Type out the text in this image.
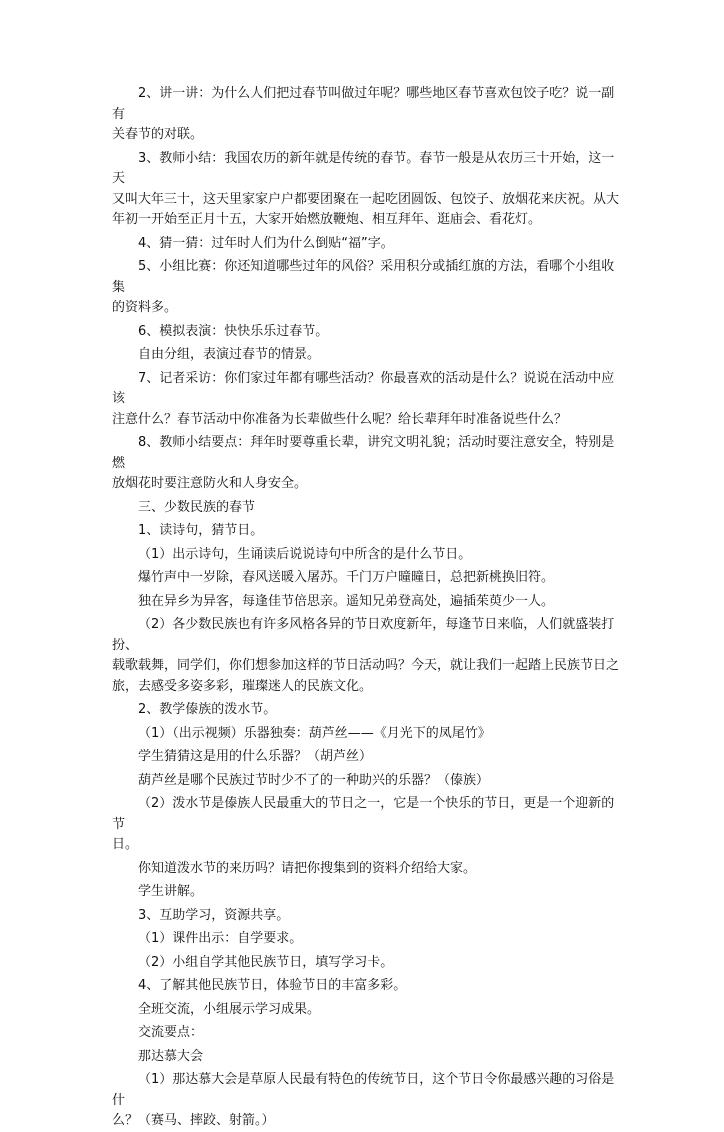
2、讲一讲：为什么人们把过春节叫做过年呢？哪些地区春节喜欢包饺子吃？说一副有
关春节的对联。
3、教师小结：我国农历的新年就是传统的春节。春节一般是从农历三十开始，这一天
又叫大年三十，这天里家家户户都要团聚在一起吃团圆饭、包饺子、放烟花来庆祝。从大
年初一开始至正月十五，大家开始燃放鞭炮、相互拜年、逛庙会、看花灯。
4、猜一猜：过年时人们为什么倒贴“福”字。
5、小组比赛：你还知道哪些过年的风俗？采用积分或插红旗的方法，看哪个小组收集
的资料多。
6、模拟表演：快快乐乐过春节。
自由分组，表演过春节的情景。
7、记者采访：你们家过年都有哪些活动？你最喜欢的活动是什么？说说在活动中应该
注意什么？春节活动中你准备为长辈做些什么呢？给长辈拜年时准备说些什么？
8、教师小结要点：拜年时要尊重长辈，讲究文明礼貌；活动时要注意安全，特别是燃
放烟花时要注意防火和人身安全。
三、少数民族的春节
1、读诗句，猜节日。
（1）出示诗句，生诵读后说说诗句中所含的是什么节日。
爆竹声中一岁除，春风送暖入屠苏。千门万户曈曈日，总把新桃换旧符。
独在异乡为异客，每逢佳节倍思亲。遥知兄弟登高处，遍插茱萸少一人。
（2）各少数民族也有许多风格各异的节日欢度新年，每逢节日来临，人们就盛装打扮、
载歌载舞，同学们，你们想参加这样的节日活动吗？今天，就让我们一起踏上民族节日之
旅，去感受多姿多彩，璀璨迷人的民族文化。
2、教学傣族的泼水节。
（1）（出示视频）乐器独奏：葫芦丝——《月光下的凤尾竹》
学生猜猜这是用的什么乐器？（胡芦丝）
葫芦丝是哪个民族过节时少不了的一种助兴的乐器？（傣族）
（2）泼水节是傣族人民最重大的节日之一，它是一个快乐的节日，更是一个迎新的节
日。
你知道泼水节的来历吗？请把你搜集到的资料介绍给大家。
学生讲解。
3、互助学习，资源共享。
（1）课件出示：自学要求。
（2）小组自学其他民族节日，填写学习卡。
4、了解其他民族节日，体验节日的丰富多彩。
全班交流，小组展示学习成果。
交流要点：
那达慕大会
（1）那达慕大会是草原人民最有特色的传统节日，这个节日令你最感兴趣的习俗是什
么？（赛马、摔跤、射箭。）
